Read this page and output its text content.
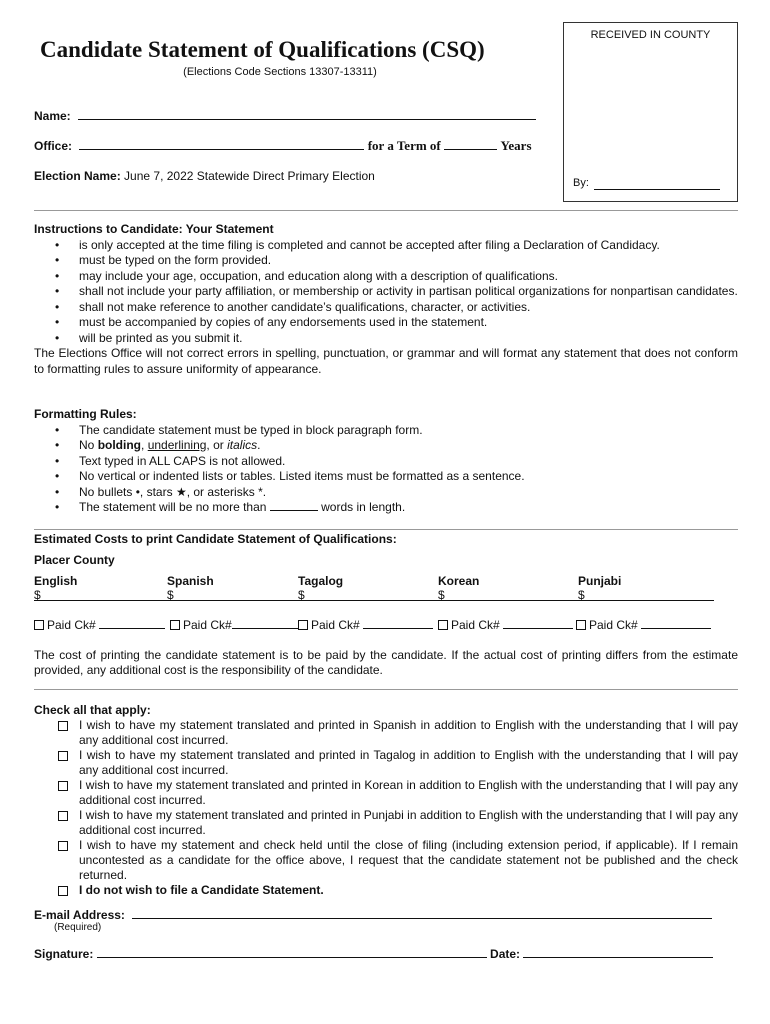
Candidate Statement of Qualifications (CSQ)
(Elections Code Sections 13307-13311)
RECEIVED IN COUNTY
By:
Name:
Office:	for a Term of	Years
Election Name: June 7, 2022 Statewide Direct Primary Election
Instructions to Candidate: Your Statement
• is only accepted at the time filing is completed and cannot be accepted after filing a Declaration of Candidacy.
• must be typed on the form provided.
• may include your age, occupation, and education along with a description of qualifications.
• shall not include your party affiliation, or membership or activity in partisan political organizations for nonpartisan candidates.
• shall not make reference to another candidate’s qualifications, character, or activities.
• must be accompanied by copies of any endorsements used in the statement.
• will be printed as you submit it.
The Elections Office will not correct errors in spelling, punctuation, or grammar and will format any statement that does not conform to formatting rules to assure uniformity of appearance.
Formatting Rules:
• The candidate statement must be typed in block paragraph form.
• No bolding, underlining, or italics.
• Text typed in ALL CAPS is not allowed.
• No vertical or indented lists or tables. Listed items must be formatted as a sentence.
• No bullets •, stars ★, or asterisks *.
• The statement will be no more than	words in length.
Estimated Costs to print Candidate Statement of Qualifications:
Placer County
English
$
Spanish
$
Tagalog
$
Korean
$
Punjabi
$
Paid Ck#	Paid Ck#	Paid Ck#	Paid Ck#	Paid Ck#
The cost of printing the candidate statement is to be paid by the candidate. If the actual cost of printing differs from the estimate provided, any additional cost is the responsibility of the candidate.
Check all that apply:
I wish to have my statement translated and printed in Spanish in addition to English with the understanding that I will pay any additional cost incurred.
I wish to have my statement translated and printed in Tagalog in addition to English with the understanding that I will pay any additional cost incurred.
I wish to have my statement translated and printed in Korean in addition to English with the understanding that I will pay any additional cost incurred.
I wish to have my statement translated and printed in Punjabi in addition to English with the understanding that I will pay any additional cost incurred.
I wish to have my statement and check held until the close of filing (including extension period, if applicable). If I remain uncontested as a candidate for the office above, I request that the candidate statement not be published and the check returned.
I do not wish to file a Candidate Statement.
E-mail Address:
(Required)
Signature:	Date:
